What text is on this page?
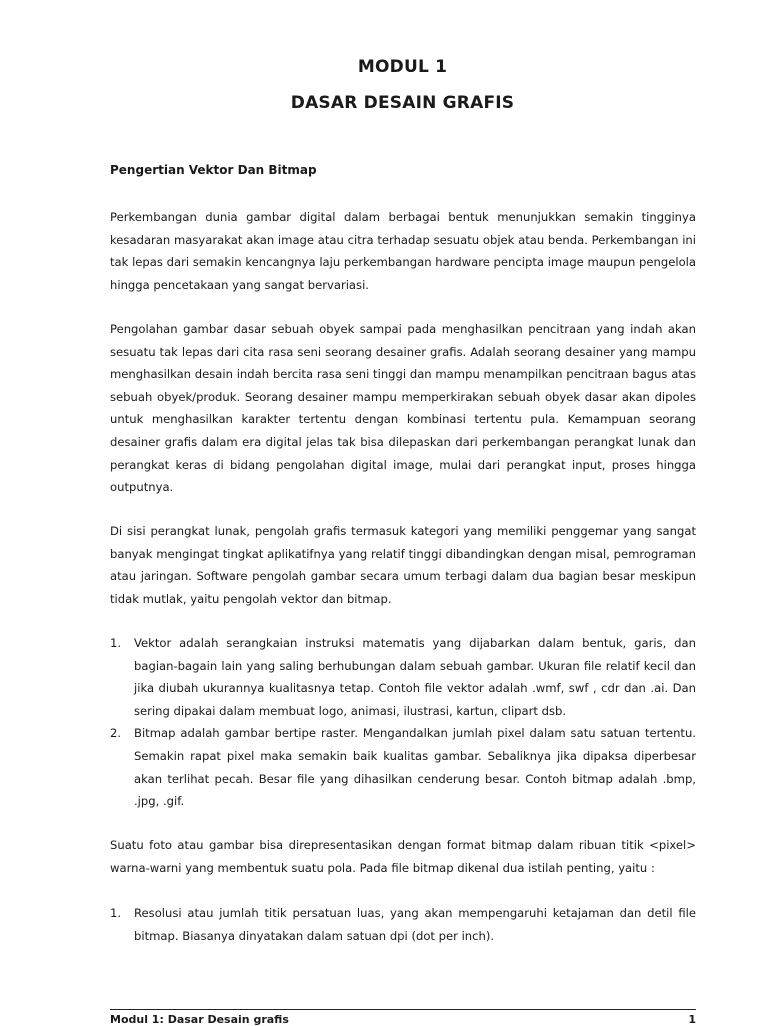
MODUL 1
DASAR DESAIN GRAFIS
Pengertian Vektor Dan Bitmap

Perkembangan dunia gambar digital dalam berbagai bentuk menunjukkan semakin tingginya kesadaran masyarakat akan image atau citra terhadap sesuatu objek atau benda. Perkembangan ini tak lepas dari semakin kencangnya laju perkembangan hardware pencipta image maupun pengelola hingga pencetakaan yang sangat bervariasi.

Pengolahan gambar dasar sebuah obyek sampai pada menghasilkan pencitraan yang indah akan sesuatu tak lepas dari cita rasa seni seorang desainer grafis. Adalah seorang desainer yang mampu menghasilkan desain indah bercita rasa seni tinggi dan mampu menampilkan pencitraan bagus atas sebuah obyek/produk. Seorang desainer mampu memperkirakan sebuah obyek dasar akan dipoles untuk menghasilkan karakter tertentu dengan kombinasi tertentu pula. Kemampuan seorang desainer grafis dalam era digital jelas tak bisa dilepaskan dari perkembangan perangkat lunak dan perangkat keras di bidang pengolahan digital image, mulai dari perangkat input, proses hingga outputnya.

Di sisi perangkat lunak, pengolah grafis termasuk kategori yang memiliki penggemar yang sangat banyak mengingat tingkat aplikatifnya yang relatif tinggi dibandingkan dengan misal, pemrograman atau jaringan. Software pengolah gambar secara umum terbagi dalam dua bagian besar meskipun tidak mutlak, yaitu pengolah vektor dan bitmap.

1. Vektor adalah serangkaian instruksi matematis yang dijabarkan dalam bentuk, garis, dan bagian-bagain lain yang saling berhubungan dalam sebuah gambar. Ukuran file relatif kecil dan jika diubah ukurannya kualitasnya tetap. Contoh file vektor adalah .wmf, swf , cdr dan .ai. Dan sering dipakai dalam membuat logo, animasi, ilustrasi, kartun, clipart dsb.
2. Bitmap adalah gambar bertipe raster. Mengandalkan jumlah pixel dalam satu satuan tertentu. Semakin rapat pixel maka semakin baik kualitas gambar. Sebaliknya jika dipaksa diperbesar akan terlihat pecah. Besar file yang dihasilkan cenderung besar. Contoh bitmap adalah .bmp, .jpg, .gif.

Suatu foto atau gambar bisa direpresentasikan dengan format bitmap dalam ribuan titik <pixel> warna-warni yang membentuk suatu pola. Pada file bitmap dikenal dua istilah penting, yaitu :

1. Resolusi atau jumlah titik persatuan luas, yang akan mempengaruhi ketajaman dan detil file bitmap. Biasanya dinyatakan dalam satuan dpi (dot per inch).
Modul 1: Dasar Desain grafis	1
